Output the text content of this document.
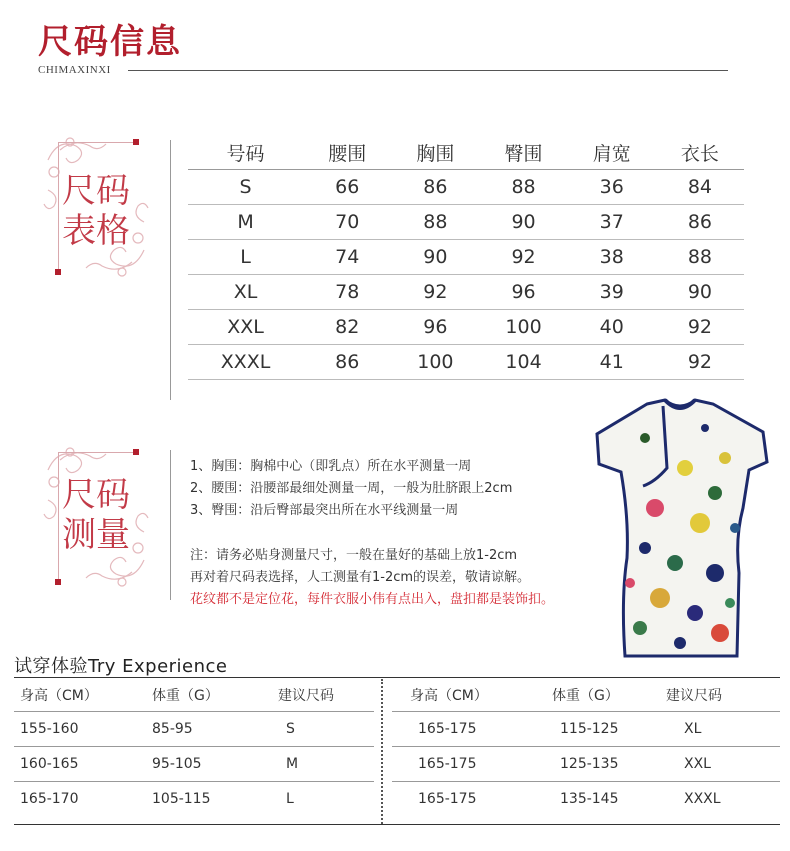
尺码信息
CHIMAXINXI
尺码
表格
号码	腰围	胸围	臀围	肩宽	衣长
S	66	86	88	36	84
M	70	88	90	37	86
L	74	90	92	38	88
XL	78	92	96	39	90
XXL	82	96	100	40	92
XXXL	86	100	104	41	92
尺码
测量
1、胸围：胸棉中心（即乳点）所在水平测量一周
2、腰围：沿腰部最细处测量一周，一般为肚脐跟上2cm
3、臀围：沿后臀部最突出所在水平线测量一周
注：请务必贴身测量尺寸，一般在量好的基础上放1-2cm
再对着尺码表选择，人工测量有1-2cm的误差，敬请谅解。
花纹都不是定位花，每件衣服小伟有点出入，盘扣都是装饰扣。
试穿体验Try Experience
身高（CM）	体重（G）	建议尺码
155-160	85-95	S
160-165	95-105	M
165-170	105-115	L
身高（CM）	体重（G）	建议尺码
165-175	115-125	XL
165-175	125-135	XXL
165-175	135-145	XXXL
